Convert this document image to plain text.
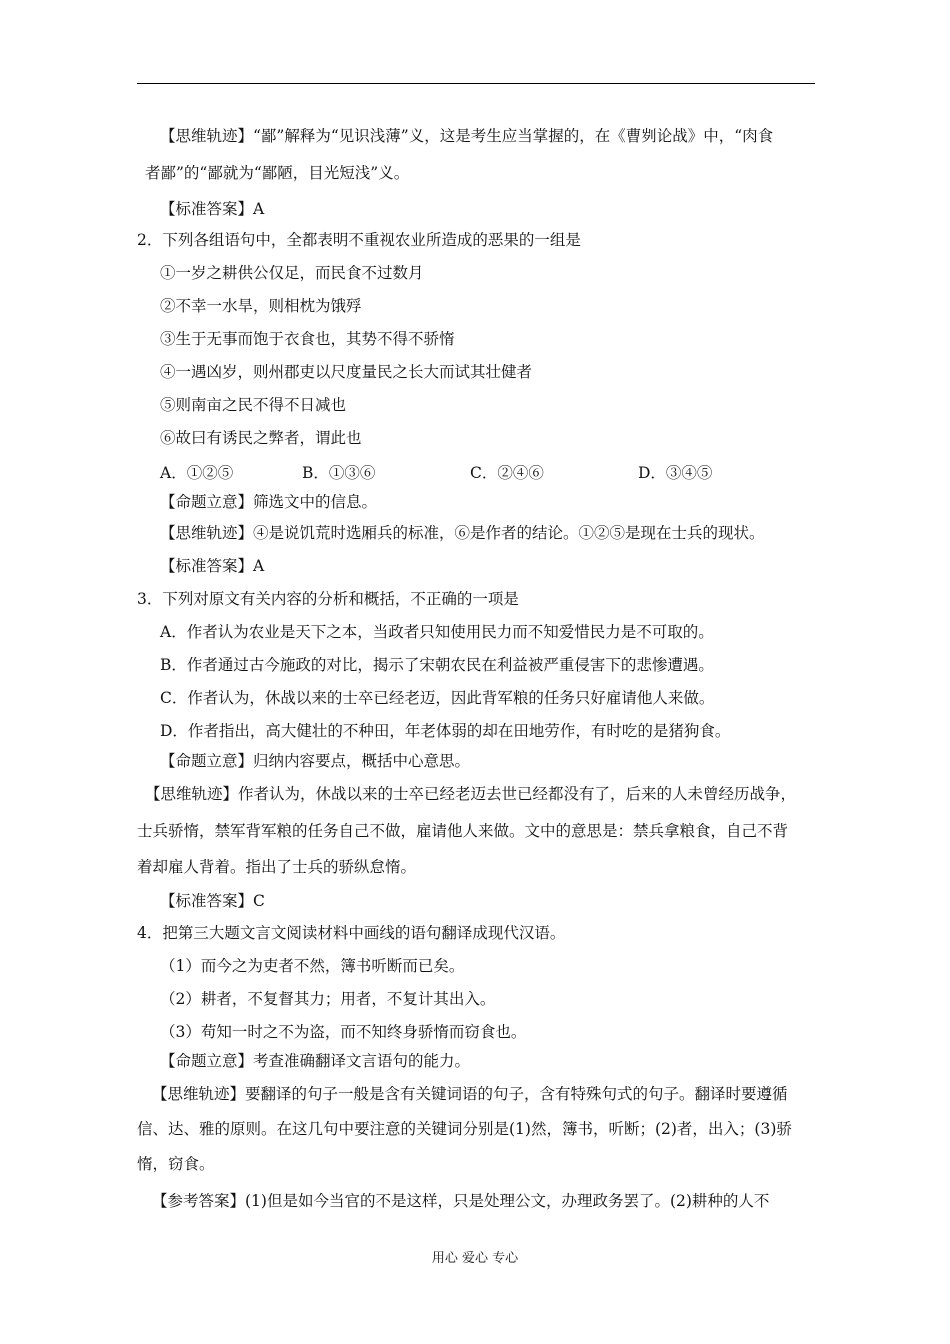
【思维轨迹】“鄙”解释为“见识浅薄”义，这是考生应当掌握的，在《曹刿论战》中，“肉食
者鄙”的“鄙就为“鄙陋，目光短浅”义。
【标准答案】A
2．下列各组语句中，全都表明不重视农业所造成的恶果的一组是
①一岁之耕供公仅足，而民食不过数月
②不幸一水旱，则相枕为饿殍
③生于无事而饱于衣食也，其势不得不骄惰
④一遇凶岁，则州郡吏以尺度量民之长大而试其壮健者
⑤则南亩之民不得不日减也
⑥故曰有诱民之弊者，谓此也
A．①②⑤	B．①③⑥	C．②④⑥	D．③④⑤
【命题立意】筛选文中的信息。
【思维轨迹】④是说饥荒时选厢兵的标准，⑥是作者的结论。①②⑤是现在士兵的现状。
【标准答案】A
3．下列对原文有关内容的分析和概括，不正确的一项是
A．作者认为农业是天下之本，当政者只知使用民力而不知爱惜民力是不可取的。
B．作者通过古今施政的对比，揭示了宋朝农民在利益被严重侵害下的悲惨遭遇。
C．作者认为，休战以来的士卒已经老迈，因此背军粮的任务只好雇请他人来做。
D．作者指出，高大健壮的不种田，年老体弱的却在田地劳作，有时吃的是猪狗食。
【命题立意】归纳内容要点，概括中心意思。
【思维轨迹】作者认为，休战以来的士卒已经老迈去世已经都没有了，后来的人未曾经历战争，
士兵骄惰，禁军背军粮的任务自己不做，雇请他人来做。文中的意思是：禁兵拿粮食，自己不背
着却雇人背着。指出了士兵的骄纵怠惰。
【标准答案】C
4．把第三大题文言文阅读材料中画线的语句翻译成现代汉语。
（1）而今之为吏者不然，簿书听断而已矣。
（2）耕者，不复督其力；用者，不复计其出入。
（3）苟知一时之不为盗，而不知终身骄惰而窃食也。
【命题立意】考查准确翻译文言语句的能力。
【思维轨迹】要翻译的句子一般是含有关键词语的句子，含有特殊句式的句子。翻译时要遵循
信、达、雅的原则。在这几句中要注意的关键词分别是(1)然，簿书，听断；(2)者，出入；(3)骄
惰，窃食。
【参考答案】(1)但是如今当官的不是这样，只是处理公文，办理政务罢了。(2)耕种的人不
用心 爱心 专心
